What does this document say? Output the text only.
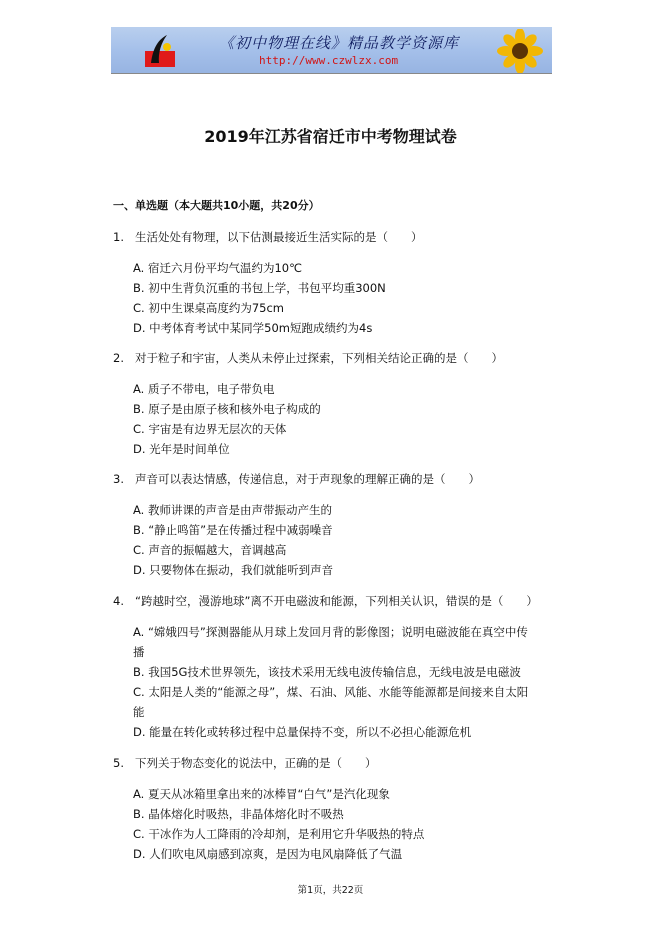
《初中物理在线》精品教学资源库
http://www.czwlzx.com
2019年江苏省宿迁市中考物理试卷
一、单选题（本大题共10小题，共20分）
1. 生活处处有物理，以下估测最接近生活实际的是（　　）
A. 宿迁六月份平均气温约为10℃
B. 初中生背负沉重的书包上学，书包平均重300N
C. 初中生课桌高度约为75cm
D. 中考体育考试中某同学50m短跑成绩约为4s
2. 对于粒子和宇宙，人类从未停止过探索，下列相关结论正确的是（　　）
A. 质子不带电，电子带负电
B. 原子是由原子核和核外电子构成的
C. 宇宙是有边界无层次的天体
D. 光年是时间单位
3. 声音可以表达情感，传递信息，对于声现象的理解正确的是（　　）
A. 教师讲课的声音是由声带振动产生的
B. “静止鸣笛”是在传播过程中减弱噪音
C. 声音的振幅越大，音调越高
D. 只要物体在振动，我们就能听到声音
4. “跨越时空，漫游地球”离不开电磁波和能源，下列相关认识，错误的是（　　）
A. “嫦娥四号”探测器能从月球上发回月背的影像图；说明电磁波能在真空中传
播
B. 我国5G技术世界领先，该技术采用无线电波传输信息，无线电波是电磁波
C. 太阳是人类的“能源之母”，煤、石油、风能、水能等能源都是间接来自太阳
能
D. 能量在转化或转移过程中总量保持不变，所以不必担心能源危机
5. 下列关于物态变化的说法中，正确的是（　　）
A. 夏天从冰箱里拿出来的冰棒冒“白气”是汽化现象
B. 晶体熔化时吸热，非晶体熔化时不吸热
C. 干冰作为人工降雨的冷却剂，是利用它升华吸热的特点
D. 人们吹电风扇感到凉爽，是因为电风扇降低了气温
第1页，共22页
